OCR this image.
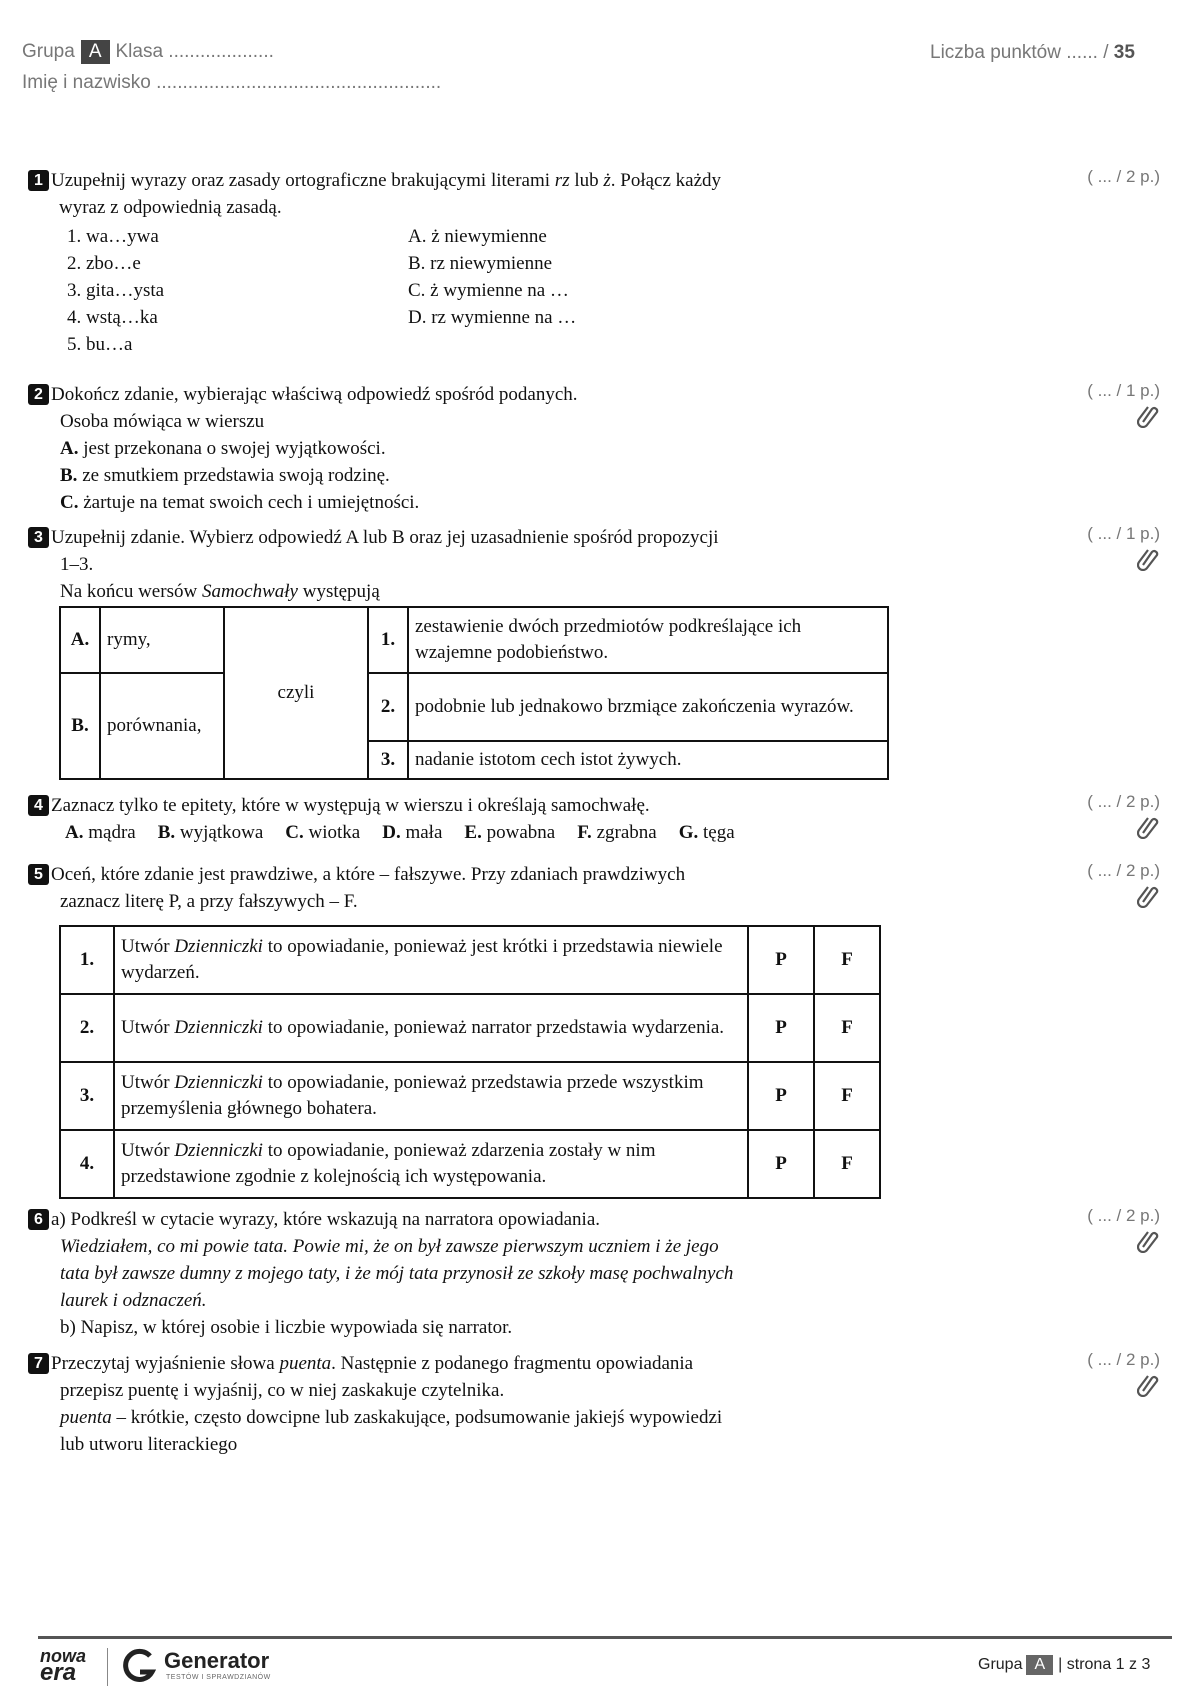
Grupa A Klasa ....................
Imię i nazwisko ......................................................
Liczba punktów ...... / 35
1 Uzupełnij wyrazy oraz zasady ortograficzne brakującymi literami rz lub ż. Połącz każdy
wyraz z odpowiednią zasadą.
1. wa…ywa
2. zbo…e
3. gita…ysta
4. wstą…ka
5. bu…a
A. ż niewymienne
B. rz niewymienne
C. ż wymienne na …
D. rz wymienne na …
( ... / 2 p.)
2 Dokończ zdanie, wybierając właściwą odpowiedź spośród podanych.
Osoba mówiąca w wierszu
A. jest przekonana o swojej wyjątkowości.
B. ze smutkiem przedstawia swoją rodzinę.
C. żartuje na temat swoich cech i umiejętności.
( ... / 1 p.)
3 Uzupełnij zdanie. Wybierz odpowiedź A lub B oraz jej uzasadnienie spośród propozycji
1–3.
Na końcu wersów Samochwały występują
A.	rymy,	czyli	1.	zestawienie dwóch przedmiotów podkreślające ich wzajemne podobieństwo.

B.	porównania,		2.	podobnie lub jednakowo brzmiące zakończenia wyrazów.

			3.	nadanie istotom cech istot żywych.
( ... / 1 p.)
4 Zaznacz tylko te epitety, które w występują w wierszu i określają samochwałę.
A. mądra B. wyjątkowa C. wiotka D. mała E. powabna F. zgrabna G. tęga
( ... / 2 p.)
5 Oceń, które zdanie jest prawdziwe, a które – fałszywe. Przy zdaniach prawdziwych
zaznacz literę P, a przy fałszywych – F.
1.	Utwór Dzienniczki to opowiadanie, ponieważ jest krótki i przedstawia niewiele wydarzeń.	P	F
2.	Utwór Dzienniczki to opowiadanie, ponieważ narrator przedstawia wydarzenia.	P	F
3.	Utwór Dzienniczki to opowiadanie, ponieważ przedstawia przede wszystkim przemyślenia głównego bohatera.	P	F
4.	Utwór Dzienniczki to opowiadanie, ponieważ zdarzenia zostały w nim przedstawione zgodnie z kolejnością ich występowania.	P	F
( ... / 2 p.)
6 a) Podkreśl w cytacie wyrazy, które wskazują na narratora opowiadania.
Wiedziałem, co mi powie tata. Powie mi, że on był zawsze pierwszym uczniem i że jego
tata był zawsze dumny z mojego taty, i że mój tata przynosił ze szkoły masę pochwalnych
laurek i odznaczeń.
b) Napisz, w której osobie i liczbie wypowiada się narrator.
( ... / 2 p.)
7 Przeczytaj wyjaśnienie słowa puenta. Następnie z podanego fragmentu opowiadania
przepisz puentę i wyjaśnij, co w niej zaskakuje czytelnika.
puenta – krótkie, często dowcipne lub zaskakujące, podsumowanie jakiejś wypowiedzi
lub utworu literackiego
( ... / 2 p.)
nowa
era	Generator
TESTÓW I SPRAWDZIANÓW
Grupa A | strona 1 z 3
